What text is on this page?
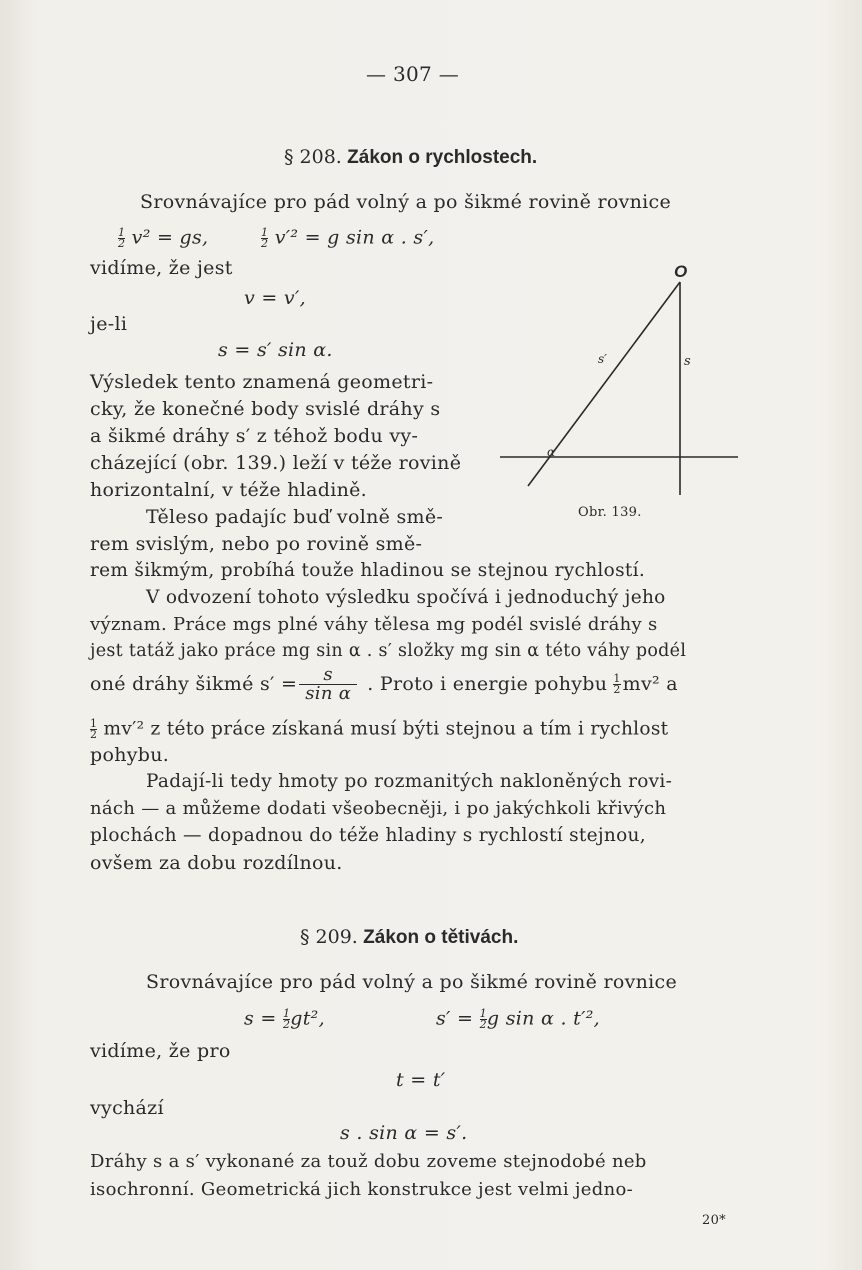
— 307 —
§ 208. Zákon o rychlostech.
Srovnávajíce pro pád volný a po šikmé rovině rovnice
$\frac{1}{2} v^2$ = gs,	$\frac{1}{2} v'^2 = g$ sin α . s′,
vidíme, že jest
v = v′,
je-li
s = s′ sin α.
Výsledek tento znamená geometri-
cky, že konečné body svislé dráhy s
a šikmé dráhy s′ z téhož bodu vy-
cházející (obr. 139.) leží v téže rovině
horizontalní, v téže hladině.
Těleso padajíc buď volně smě-
rem svislým, nebo po rovině smě-
rem šikmým, probíhá touže hladinou se stejnou rychlostí.
V odvození tohoto výsledku spočívá i jednoduchý jeho
význam. Práce mgs plné váhy tělesa mg podél svislé dráhy s
jest tatáž jako práce mg sin α . s′ složky mg sin α této váhy podél
oné dráhy šikmé $s' = \frac{s}{\text{sin α}}$ . Proto i energie pohybu 1
2 mv² a
$\frac{1}{2} mv'^2$ z této práce získaná musí býti stejnou a tím i rychlost
pohybu.
Padají-li tedy hmoty po rozmanitých nakloněných rovi-
nách — a můžeme dodati všeobecněji, i po jakýchkoli křivých
plochách — dopadnou do téže hladiny s rychlostí stejnou,
ovšem za dobu rozdílnou.
O
s′	s
α
Obr. 139.
§ 209. Zákon o tětivách.
Srovnávajíce pro pád volný a po šikmé rovině rovnice
$s = \frac{1}{2} gt^2$,	$s' = \frac{1}{2}$ g sin α . t′²,
vidíme, že pro
t = t′
vychází
s . sin α = s′.
Dráhy s a s′ vykonané za touž dobu zoveme stejnodobé neb
isochronní. Geometrická jich konstrukce jest velmi jedno-
20*
